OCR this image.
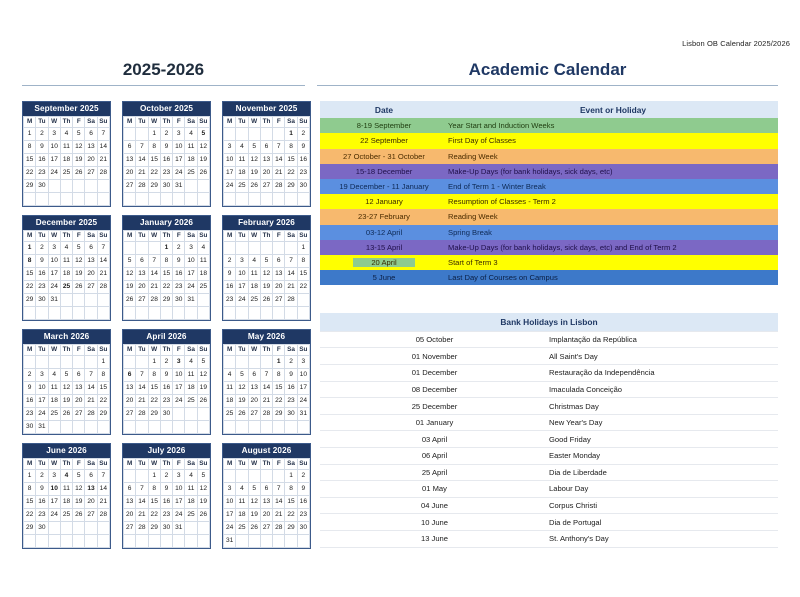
Lisbon OB Calendar 2025/2026
2025-2026	Academic Calendar
September 2025
M	Tu	W	Th	F	Sa	Su
1	2	3	4	5	6	7
8	9	10	11	12	13	14
15	16	17	18	19	20	21
22	23	24	25	26	27	28
29	30					

October 2025
M	Tu	W	Th	F	Sa	Su
		1	2	3	4	5
6	7	8	9	10	11	12
13	14	15	16	17	18	19
20	21	22	23	24	25	26
27	28	29	30	31		

November 2025
M	Tu	W	Th	F	Sa	Su
					1	2
3	4	5	6	7	8	9
10	11	12	13	14	15	16
17	18	19	20	21	22	23
24	25	26	27	28	29	30

December 2025
M	Tu	W	Th	F	Sa	Su
1	2	3	4	5	6	7
8	9	10	11	12	13	14
15	16	17	18	19	20	21
22	23	24	25	26	27	28
29	30	31				

January 2026
M	Tu	W	Th	F	Sa	Su
			1	2	3	4
5	6	7	8	9	10	11
12	13	14	15	16	17	18
19	20	21	22	23	24	25
26	27	28	29	30	31	

February 2026
M	Tu	W	Th	F	Sa	Su
						1
2	3	4	5	6	7	8
9	10	11	12	13	14	15
16	17	18	19	20	21	22
23	24	25	26	27	28	

March 2026
M	Tu	W	Th	F	Sa	Su
						1
2	3	4	5	6	7	8
9	10	11	12	13	14	15
16	17	18	19	20	21	22
23	24	25	26	27	28	29
30	31					
April 2026
M	Tu	W	Th	F	Sa	Su
		1	2	3	4	5
6	7	8	9	10	11	12
13	14	15	16	17	18	19
20	21	22	23	24	25	26
27	28	29	30			

May 2026
M	Tu	W	Th	F	Sa	Su
				1	2	3
4	5	6	7	8	9	10
11	12	13	14	15	16	17
18	19	20	21	22	23	24
25	26	27	28	29	30	31

June 2026
M	Tu	W	Th	F	Sa	Su
1	2	3	4	5	6	7
8	9	10	11	12	13	14
15	16	17	18	19	20	21
22	23	24	25	26	27	28
29	30					

July 2026
M	Tu	W	Th	F	Sa	Su
		1	2	3	4	5
6	7	8	9	10	11	12
13	14	15	16	17	18	19
20	21	22	23	24	25	26
27	28	29	30	31		

August 2026
M	Tu	W	Th	F	Sa	Su
					1	2
3	4	5	6	7	8	9
10	11	12	13	14	15	16
17	18	19	20	21	22	23
24	25	26	27	28	29	30
31						
Date	Event or Holiday
8-19 September	Year Start and Induction Weeks
22 September	First Day of Classes
27 October - 31 October	Reading Week
15-18 December	Make-Up Days (for bank holidays, sick days, etc)
19 December - 11 January	End of Term 1 - Winter Break
12 January	Resumption of Classes - Term 2
23-27 February	Reading Week
03-12 April	Spring Break
13-15 April	Make-Up Days (for bank holidays, sick days, etc) and End of Term 2
20 April	Start of Term 3
5 June	Last Day of Courses on Campus
Bank Holidays in Lisbon	
05 October	Implantação da República
01 November	All Saint's Day
01 December	Restauração da Independência
08 December	Imaculada Conceição
25 December	Christmas Day
01 January	New Year's Day
03 April	Good Friday
06 April	Easter Monday
25 April	Dia de Liberdade
01 May	Labour Day
04 June	Corpus Christi
10 June	Dia de Portugal
13 June	St. Anthony's Day
